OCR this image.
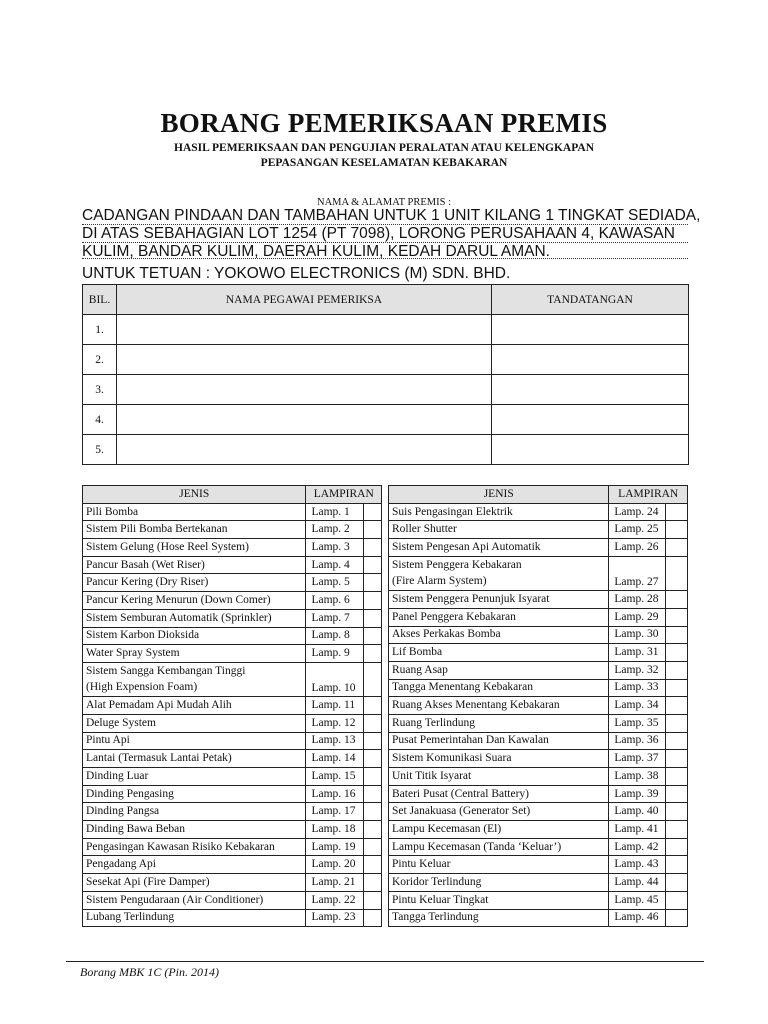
BORANG PEMERIKSAAN PREMIS
HASIL PEMERIKSAAN DAN PENGUJIAN PERALATAN ATAU KELENGKAPAN
PEPASANGAN KESELAMATAN KEBAKARAN
NAMA & ALAMAT PREMIS :
CADANGAN PINDAAN DAN TAMBAHAN UNTUK 1 UNIT KILANG 1 TINGKAT SEDIADA,
DI ATAS SEBAHAGIAN LOT 1254 (PT 7098), LORONG PERUSAHAAN 4, KAWASAN
KULIM, BANDAR KULIM, DAERAH KULIM, KEDAH DARUL AMAN.
UNTUK TETUAN : YOKOWO ELECTRONICS (M) SDN. BHD.
BIL.	NAMA PEGAWAI PEMERIKSA	TANDATANGAN
1.		
2.		
3.		
4.		
5.		
JENIS	LAMPIRAN	
Pili Bomba	Lamp. 1	
Sistem Pili Bomba Bertekanan	Lamp. 2	
Sistem Gelung (Hose Reel System)	Lamp. 3	
Pancur Basah (Wet Riser)	Lamp. 4	
Pancur Kering (Dry Riser)	Lamp. 5	
Pancur Kering Menurun (Down Comer)	Lamp. 6	
Sistem Semburan Automatik (Sprinkler)	Lamp. 7	
Sistem Karbon Dioksida	Lamp. 8	
Water Spray System	Lamp. 9	
Sistem Sangga Kembangan Tinggi	Lamp. 10	
(High Expension Foam)		
Alat Pemadam Api Mudah Alih	Lamp. 11	
Deluge System	Lamp. 12	
Pintu Api	Lamp. 13	
Lantai (Termasuk Lantai Petak)	Lamp. 14	
Dinding Luar	Lamp. 15	
Dinding Pengasing	Lamp. 16	
Dinding Pangsa	Lamp. 17	
Dinding Bawa Beban	Lamp. 18	
Pengasingan Kawasan Risiko Kebakaran	Lamp. 19	
Pengadang Api	Lamp. 20	
Sesekat Api (Fire Damper)	Lamp. 21	
Sistem Pengudaraan (Air Conditioner)	Lamp. 22	
Lubang Terlindung	Lamp. 23	
JENIS	LAMPIRAN	
Suis Pengasingan Elektrik	Lamp. 24	
Roller Shutter	Lamp. 25	
Sistem Pengesan Api Automatik	Lamp. 26	
Sistem Penggera Kebakaran	Lamp. 27	
(Fire Alarm System)		
Sistem Penggera Penunjuk Isyarat	Lamp. 28	
Panel Penggera Kebakaran	Lamp. 29	
Akses Perkakas Bomba	Lamp. 30	
Lif Bomba	Lamp. 31	
Ruang Asap	Lamp. 32	
Tangga Menentang Kebakaran	Lamp. 33	
Ruang Akses Menentang Kebakaran	Lamp. 34	
Ruang Terlindung	Lamp. 35	
Pusat Pemerintahan Dan Kawalan	Lamp. 36	
Sistem Komunikasi Suara	Lamp. 37	
Unit Titik Isyarat	Lamp. 38	
Bateri Pusat (Central Battery)	Lamp. 39	
Set Janakuasa (Generator Set)	Lamp. 40	
Lampu Kecemasan (El)	Lamp. 41	
Lampu Kecemasan (Tanda ‘Keluar’)	Lamp. 42	
Pintu Keluar	Lamp. 43	
Koridor Terlindung	Lamp. 44	
Pintu Keluar Tingkat	Lamp. 45	
Tangga Terlindung	Lamp. 46	
Borang MBK 1C (Pin. 2014)
